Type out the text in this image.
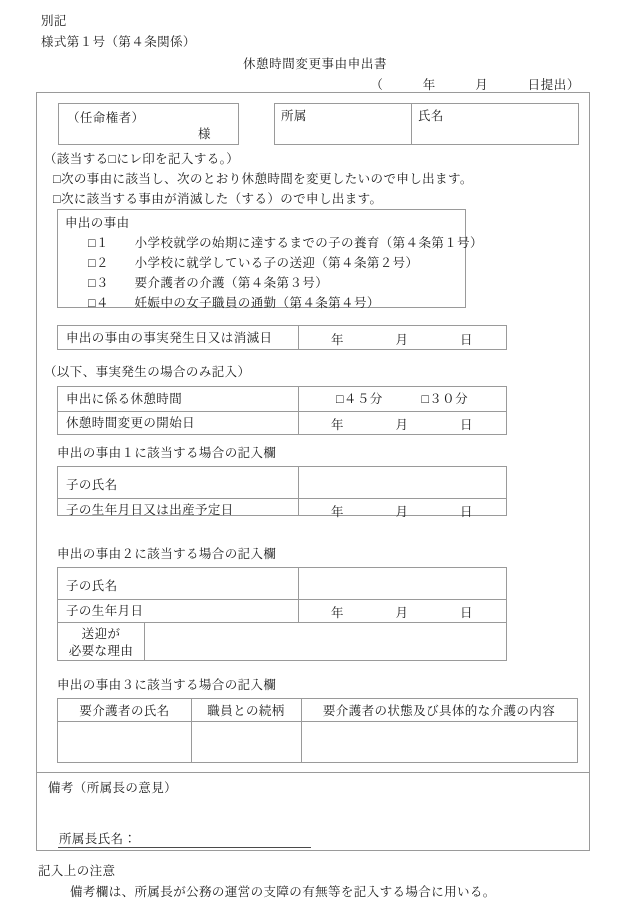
別記
様式第１号（第４条関係）
休憩時間変更事由申出書
（　　　年　　　月　　　日提出）
（任命権者）
様
所属	氏名
（該当する□にレ印を記入する。）
□次の事由に該当し、次のとおり休憩時間を変更したいので申し出ます。
□次に該当する事由が消滅した（する）ので申し出ます。
申出の事由
□１　　小学校就学の始期に達するまでの子の養育（第４条第１号）
□２　　小学校に就学している子の送迎（第４条第２号）
□３　　要介護者の介護（第４条第３号）
□４　　妊娠中の女子職員の通勤（第４条第４号）
申出の事由の事実発生日又は消滅日	年　　　　月　　　　日
（以下、事実発生の場合のみ記入）
申出に係る休憩時間	□４５分　　　□３０分
休憩時間変更の開始日	年　　　　月　　　　日
申出の事由１に該当する場合の記入欄
子の氏名
子の生年月日又は出産予定日	年　　　　月　　　　日
申出の事由２に該当する場合の記入欄
子の氏名
子の生年月日	年　　　　月　　　　日
送迎が
必要な理由
申出の事由３に該当する場合の記入欄
要介護者の氏名	職員との続柄	要介護者の状態及び具体的な介護の内容
備考（所属長の意見）
所属長氏名：
記入上の注意
備考欄は、所属長が公務の運営の支障の有無等を記入する場合に用いる。
